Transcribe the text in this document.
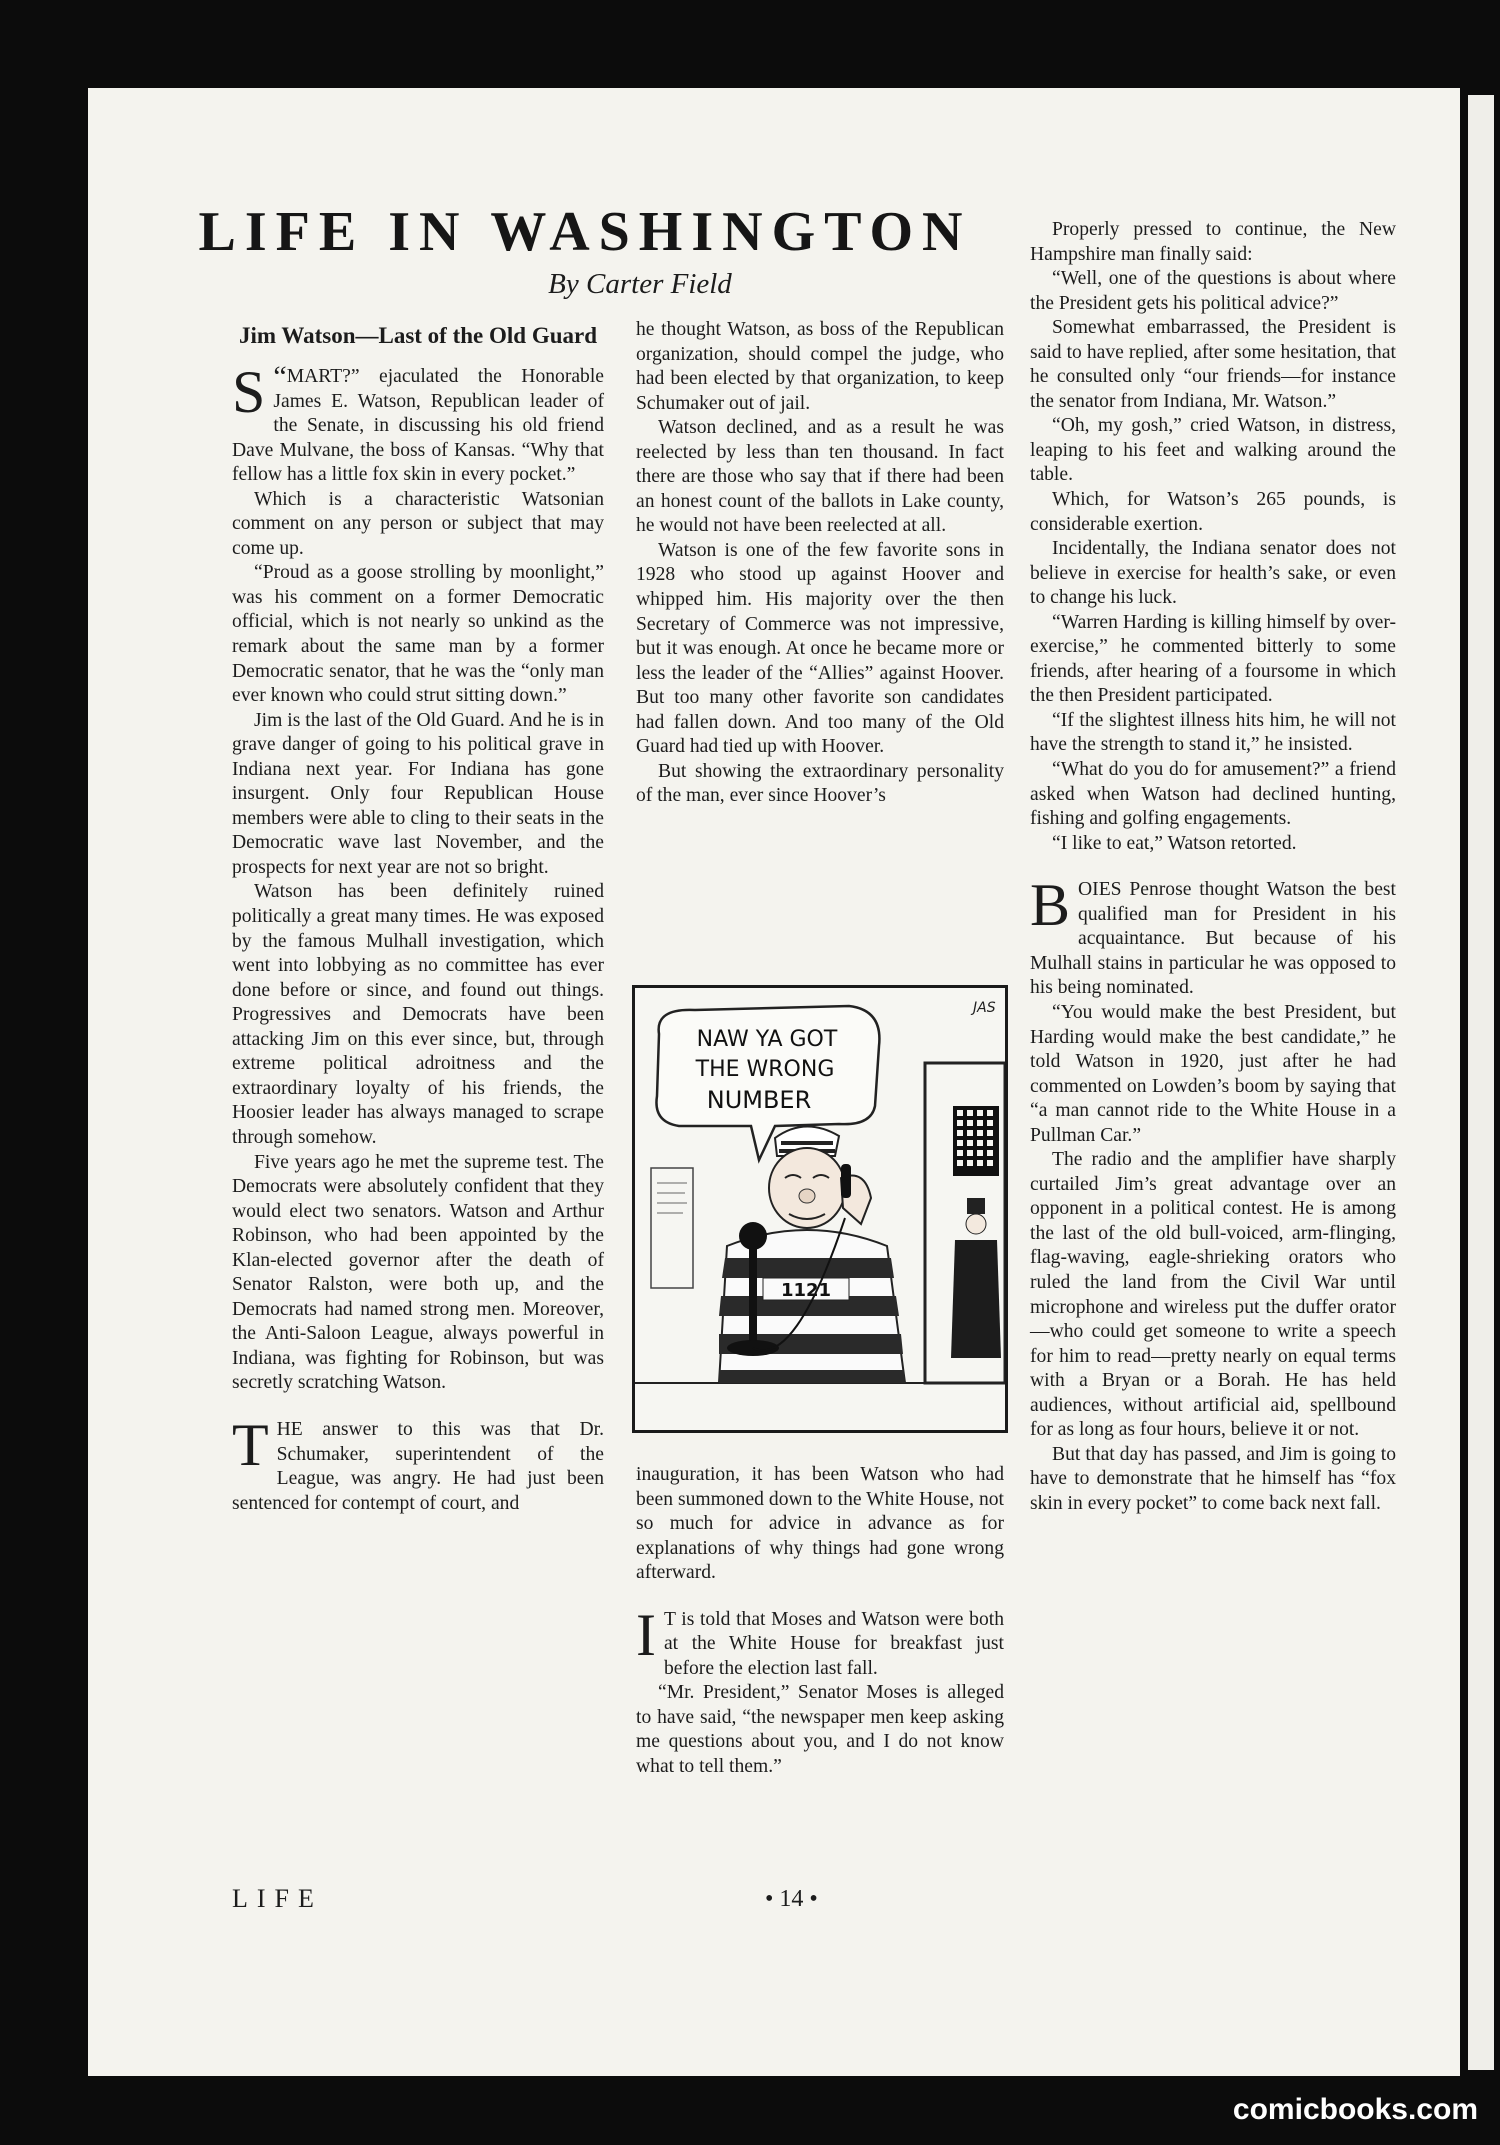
LIFE IN WASHINGTON
By Carter Field
Jim Watson—Last of the Old Guard

“
S MART?” ejaculated the Honorable James E. Watson, Republican leader of the Senate, in discussing his old friend Dave Mulvane, the boss of Kansas. “Why that fellow has a little fox skin in every pocket.”

Which is a characteristic Watsonian comment on any person or subject that may come up.

“Proud as a goose strolling by moonlight,” was his comment on a former Democratic official, which is not nearly so unkind as the remark about the same man by a former Democratic senator, that he was the “only man ever known who could strut sitting down.”

Jim is the last of the Old Guard. And he is in grave danger of going to his political grave in Indiana next year. For Indiana has gone insurgent. Only four Republican House members were able to cling to their seats in the Democratic wave last November, and the prospects for next year are not so bright.

Watson has been definitely ruined politically a great many times. He was exposed by the famous Mulhall investigation, which went into lobbying as no committee has ever done before or since, and found out things. Progressives and Democrats have been attacking Jim on this ever since, but, through extreme political adroitness and the extraordinary loyalty of his friends, the Hoosier leader has always managed to scrape through somehow.

Five years ago he met the supreme test. The Democrats were absolutely confident that they would elect two senators. Watson and Arthur Robinson, who had been appointed by the Klan-elected governor after the death of Senator Ralston, were both up, and the Democrats had named strong men. Moreover, the Anti-Saloon League, always powerful in Indiana, was fighting for Robinson, but was secretly scratching Watson.

THE answer to this was that Dr. Schumaker, superintendent of the League, was angry. He had just been sentenced for contempt of court, and

he thought Watson, as boss of the Republican organization, should compel the judge, who had been elected by that organization, to keep Schumaker out of jail.

Watson declined, and as a result he was reelected by less than ten thousand. In fact there are those who say that if there had been an honest count of the ballots in Lake county, he would not have been reelected at all.

Watson is one of the few favorite sons in 1928 who stood up against Hoover and whipped him. His majority over the then Secretary of Commerce was not impressive, but it was enough. At once he became more or less the leader of the “Allies” against Hoover. But too many other favorite son candidates had fallen down. And too many of the Old Guard had tied up with Hoover.

But showing the extraordinary personality of the man, ever since Hoover’s

inauguration, it has been Watson who had been summoned down to the White House, not so much for advice in advance as for explanations of why things had gone wrong afterward.

I T is told that Moses and Watson were both at the White House for breakfast just before the election last fall.

“Mr. President,” Senator Moses is alleged to have said, “the newspaper men keep asking me questions about you, and I do not know what to tell them.”

NAW YA GOT
THE WRONG
NUMBER
JAS
1121

Properly pressed to continue, the New Hampshire man finally said:

“Well, one of the questions is about where the President gets his political advice?”

Somewhat embarrassed, the President is said to have replied, after some hesitation, that he consulted only “our friends—for instance the senator from Indiana, Mr. Watson.”

“Oh, my gosh,” cried Watson, in distress, leaping to his feet and walking around the table.

Which, for Watson’s 265 pounds, is considerable exertion.

Incidentally, the Indiana senator does not believe in exercise for health’s sake, or even to change his luck.

“Warren Harding is killing himself by over-exercise,” he commented bitterly to some friends, after hearing of a foursome in which the then President participated.

“If the slightest illness hits him, he will not have the strength to stand it,” he insisted.

“What do you do for amusement?” a friend asked when Watson had declined hunting, fishing and golfing engagements.

“I like to eat,” Watson retorted.

BOIES Penrose thought Watson the best qualified man for President in his acquaintance. But because of his Mulhall stains in particular he was opposed to his being nominated.

“You would make the best President, but Harding would make the best candidate,” he told Watson in 1920, just after he had commented on Lowden’s boom by saying that “a man cannot ride to the White House in a Pullman Car.”

The radio and the amplifier have sharply curtailed Jim’s great advantage over an opponent in a political contest. He is among the last of the old bull-voiced, arm-flinging, flag-waving, eagle-shrieking orators who ruled the land from the Civil War until microphone and wireless put the duffer orator—who could get someone to write a speech for him to read—pretty nearly on equal terms with a Bryan or a Borah. He has held audiences, without artificial aid, spellbound for as long as four hours, believe it or not.

But that day has passed, and Jim is going to have to demonstrate that he himself has “fox skin in every pocket” to come back next fall.

LIFE	• 14 •
comicbooks.com
